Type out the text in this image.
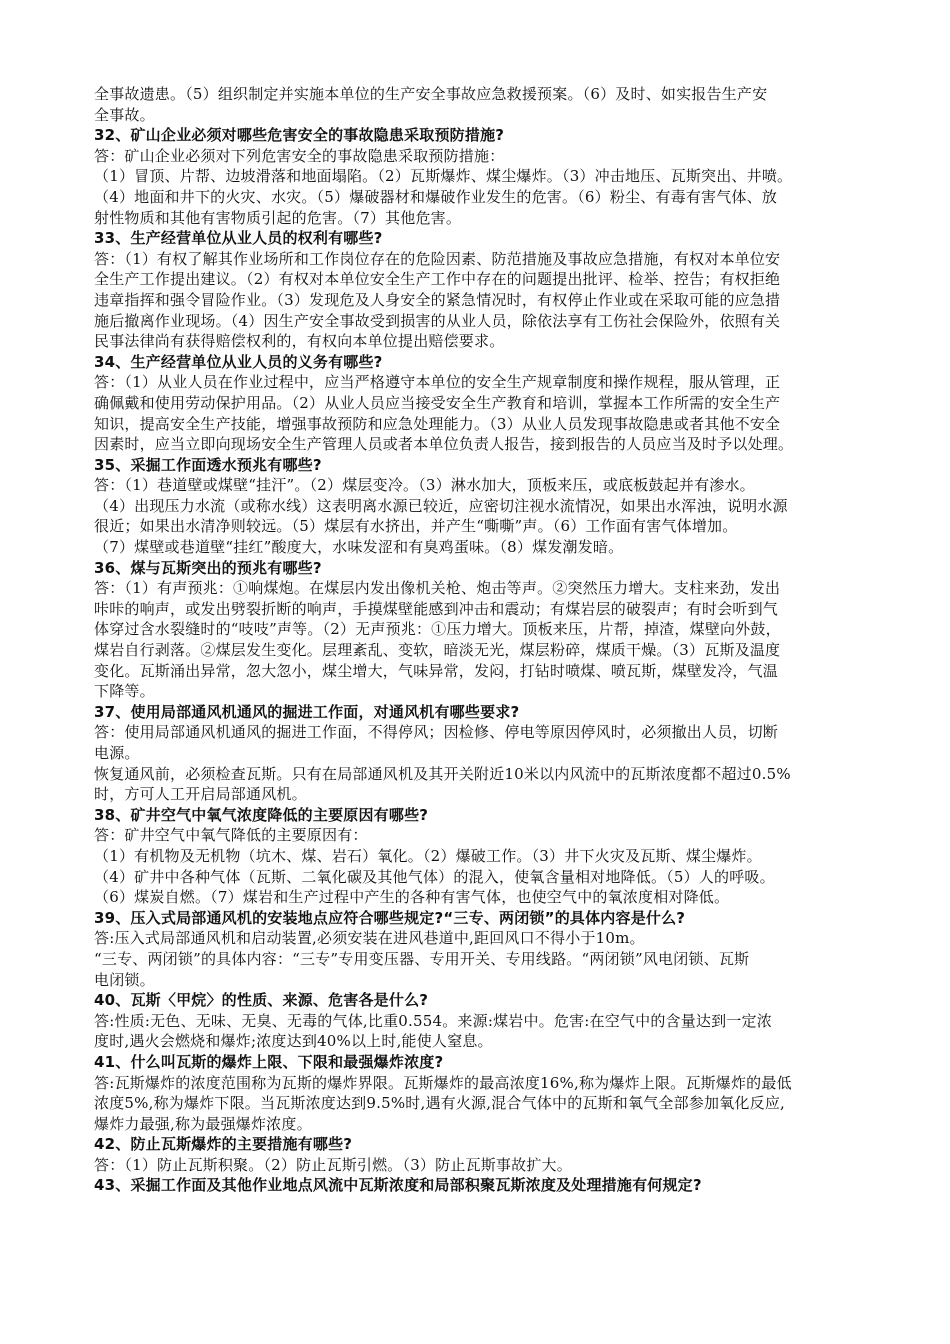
全事故遗患。（5）组织制定并实施本单位的生产安全事故应急救援预案。（6）及时、如实报告生产安
全事故。
32、矿山企业必须对哪些危害安全的事故隐患采取预防措施?
答：矿山企业必须对下列危害安全的事故隐患采取预防措施：
（1）冒顶、片帮、边坡滑落和地面塌陷。（2）瓦斯爆炸、煤尘爆炸。（3）冲击地压、瓦斯突出、井喷。
（4）地面和井下的火灾、水灾。（5）爆破器材和爆破作业发生的危害。（6）粉尘、有毒有害气体、放
射性物质和其他有害物质引起的危害。（7）其他危害。
33、生产经营单位从业人员的权利有哪些?
答：（1）有权了解其作业场所和工作岗位存在的危险因素、防范措施及事故应急措施，有权对本单位安
全生产工作提出建议。（2）有权对本单位安全生产工作中存在的问题提出批评、检举、控告；有权拒绝
违章指挥和强令冒险作业。（3）发现危及人身安全的紧急情况时，有权停止作业或在采取可能的应急措
施后撤离作业现场。（4）因生产安全事故受到损害的从业人员，除依法享有工伤社会保险外，依照有关
民事法律尚有获得赔偿权利的，有权向本单位提出赔偿要求。
34、生产经营单位从业人员的义务有哪些?
答：（1）从业人员在作业过程中，应当严格遵守本单位的安全生产规章制度和操作规程，服从管理，正
确佩戴和使用劳动保护用品。（2）从业人员应当接受安全生产教育和培训，掌握本工作所需的安全生产
知识，提高安全生产技能，增强事故预防和应急处理能力。（3）从业人员发现事故隐患或者其他不安全
因素时，应当立即向现场安全生产管理人员或者本单位负责人报告，接到报告的人员应当及时予以处理。
35、采掘工作面透水预兆有哪些?
答：（1）巷道壁或煤壁“挂汗”。（2）煤层变冷。（3）淋水加大，顶板来压，或底板鼓起并有渗水。
（4）出现压力水流（或称水线）这表明离水源已较近，应密切注视水流情况，如果出水浑浊，说明水源
很近；如果出水清净则较远。（5）煤层有水挤出，并产生“嘶嘶”声。（6）工作面有害气体增加。
（7）煤壁或巷道壁“挂红”酸度大，水味发涩和有臭鸡蛋味。（8）煤发潮发暗。
36、煤与瓦斯突出的预兆有哪些?
答：（1）有声预兆：①响煤炮。在煤层内发出像机关枪、炮击等声。②突然压力增大。支柱来劲，发出
咔咔的响声，或发出劈裂折断的响声，手摸煤壁能感到冲击和震动；有煤岩层的破裂声；有时会听到气
体穿过含水裂缝时的“吱吱”声等。（2）无声预兆：①压力增大。顶板来压，片帮，掉渣，煤壁向外鼓，
煤岩自行剥落。②煤层发生变化。层理紊乱、变软，暗淡无光，煤层粉碎，煤质干燥。（3）瓦斯及温度
变化。瓦斯涌出异常，忽大忽小，煤尘增大，气味异常，发闷，打钻时喷煤、喷瓦斯，煤壁发冷，气温
下降等。
37、使用局部通风机通风的掘进工作面，对通风机有哪些要求?
答：使用局部通风机通风的掘进工作面，不得停风；因检修、停电等原因停风时，必须撤出人员，切断
电源。
恢复通风前，必须检查瓦斯。只有在局部通风机及其开关附近10米以内风流中的瓦斯浓度都不超过0.5%
时，方可人工开启局部通风机。
38、矿井空气中氧气浓度降低的主要原因有哪些?
答：矿井空气中氧气降低的主要原因有：
（1）有机物及无机物（坑木、煤、岩石）氧化。（2）爆破工作。（3）井下火灾及瓦斯、煤尘爆炸。
（4）矿井中各种气体（瓦斯、二氧化碳及其他气体）的混入，使氧含量相对地降低。（5）人的呼吸。
（6）煤炭自燃。（7）煤岩和生产过程中产生的各种有害气体，也使空气中的氧浓度相对降低。
39、压入式局部通风机的安装地点应符合哪些规定?“三专、两闭锁”的具体内容是什么?
答:压入式局部通风机和启动装置,必须安装在进风巷道中,距回风口不得小于10m。
“三专、两闭锁”的具体内容：“三专”专用变压器、专用开关、专用线路。“两闭锁”风电闭锁、瓦斯
电闭锁。
40、瓦斯〈甲烷〉的性质、来源、危害各是什么?
答:性质:无色、无味、无臭、无毒的气体,比重0.554。来源:煤岩中。危害:在空气中的含量达到一定浓
度时,遇火会燃烧和爆炸;浓度达到40%以上时,能使人窒息。
41、什么叫瓦斯的爆炸上限、下限和最强爆炸浓度?
答:瓦斯爆炸的浓度范围称为瓦斯的爆炸界限。瓦斯爆炸的最高浓度16%,称为爆炸上限。瓦斯爆炸的最低
浓度5%,称为爆炸下限。当瓦斯浓度达到9.5%时,遇有火源,混合气体中的瓦斯和氧气全部参加氧化反应,
爆炸力最强,称为最强爆炸浓度。
42、防止瓦斯爆炸的主要措施有哪些?
答：（1）防止瓦斯积聚。（2）防止瓦斯引燃。（3）防止瓦斯事故扩大。
43、采掘工作面及其他作业地点风流中瓦斯浓度和局部积聚瓦斯浓度及处理措施有何规定?
